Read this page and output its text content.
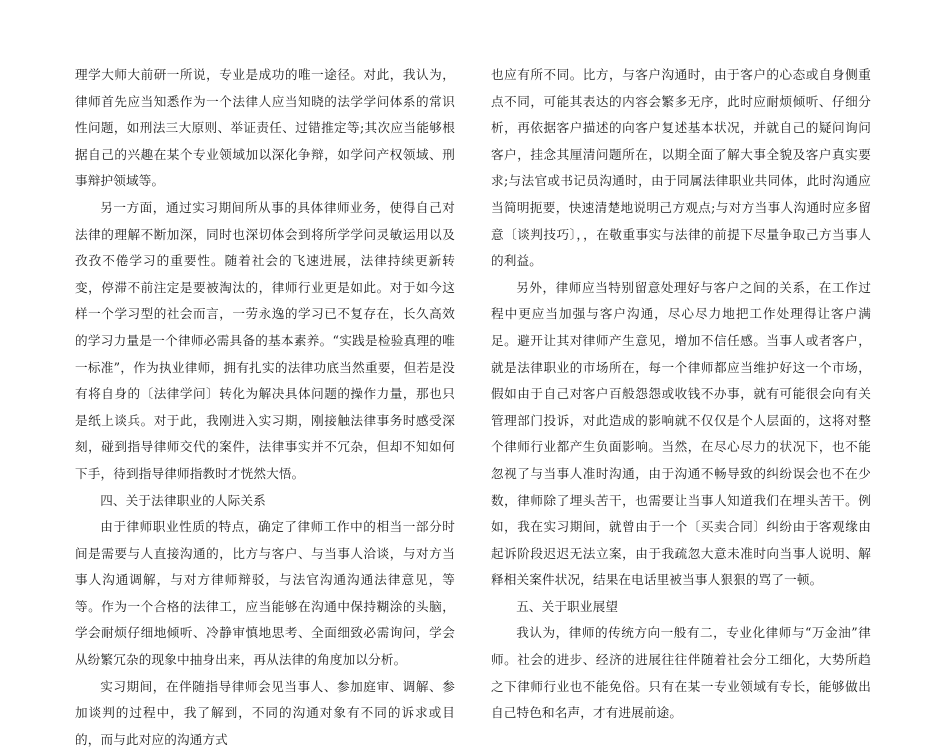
理学大师大前研一所说，专业是成功的唯一途径。对此，我认为，律师首先应当知悉作为一个法律人应当知晓的法学学问体系的常识性问题，如刑法三大原则、举证责任、过错推定等;其次应当能够根据自己的兴趣在某个专业领域加以深化争辩，如学问产权领域、刑事辩护领域等。

另一方面，通过实习期间所从事的具体律师业务，使得自己对法律的理解不断加深，同时也深切体会到将所学学问灵敏运用以及孜孜不倦学习的重要性。随着社会的飞速进展，法律持续更新转变，停滞不前注定是要被淘汰的，律师行业更是如此。对于如今这样一个学习型的社会而言，一劳永逸的学习已不复存在，长久高效的学习力量是一个律师必需具备的基本素养。“实践是检验真理的唯一标准”，作为执业律师，拥有扎实的法律功底当然重要，但若是没有将自身的〔法律学问〕转化为解决具体问题的操作力量，那也只是纸上谈兵。对于此，我刚进入实习期，刚接触法律事务时感受深刻，碰到指导律师交代的案件，法律事实并不冗杂，但却不知如何下手，待到指导律师指教时才恍然大悟。

四、关于法律职业的人际关系

由于律师职业性质的特点，确定了律师工作中的相当一部分时间是需要与人直接沟通的，比方与客户、与当事人洽谈，与对方当事人沟通调解，与对方律师辩驳，与法官沟通沟通法律意见，等等。作为一个合格的法律工，应当能够在沟通中保持糊涂的头脑，学会耐烦仔细地倾听、冷静审慎地思考、全面细致必需询问，学会从纷繁冗杂的现象中抽身出来，再从法律的角度加以分析。

实习期间，在伴随指导律师会见当事人、参加庭审、调解、参加谈判的过程中，我了解到，不同的沟通对象有不同的诉求或目的，而与此对应的沟通方式

也应有所不同。比方，与客户沟通时，由于客户的心态或自身侧重点不同，可能其表达的内容会繁多无序，此时应耐烦倾听、仔细分析，再依据客户描述的向客户复述基本状况，并就自己的疑问询问客户，挂念其厘清问题所在，以期全面了解大事全貌及客户真实要求;与法官或书记员沟通时，由于同属法律职业共同体，此时沟通应当简明扼要，快速清楚地说明己方观点;与对方当事人沟通时应多留意〔谈判技巧〕，，在敬重事实与法律的前提下尽量争取己方当事人的利益。

另外，律师应当特别留意处理好与客户之间的关系，在工作过程中更应当加强与客户沟通，尽心尽力地把工作处理得让客户满足。避开让其对律师产生意见，增加不信任感。当事人或者客户，就是法律职业的市场所在，每一个律师都应当维护好这一个市场，假如由于自己对客户百般怨怨或收钱不办事，就有可能很会向有关管理部门投诉，对此造成的影响就不仅仅是个人层面的，这将对整个律师行业都产生负面影响。当然，在尽心尽力的状况下，也不能忽视了与当事人准时沟通，由于沟通不畅导致的纠纷误会也不在少数，律师除了埋头苦干，也需要让当事人知道我们在埋头苦干。例如，我在实习期间，就曾由于一个〔买卖合同〕纠纷由于客观缘由起诉阶段迟迟无法立案，由于我疏忽大意未准时向当事人说明、解释相关案件状况，结果在电话里被当事人狠狠的骂了一顿。

五、关于职业展望

我认为，律师的传统方向一般有二，专业化律师与“万金油”律师。社会的进步、经济的进展往往伴随着社会分工细化，大势所趋之下律师行业也不能免俗。只有在某一专业领域有专长，能够做出自己特色和名声，才有进展前途。
